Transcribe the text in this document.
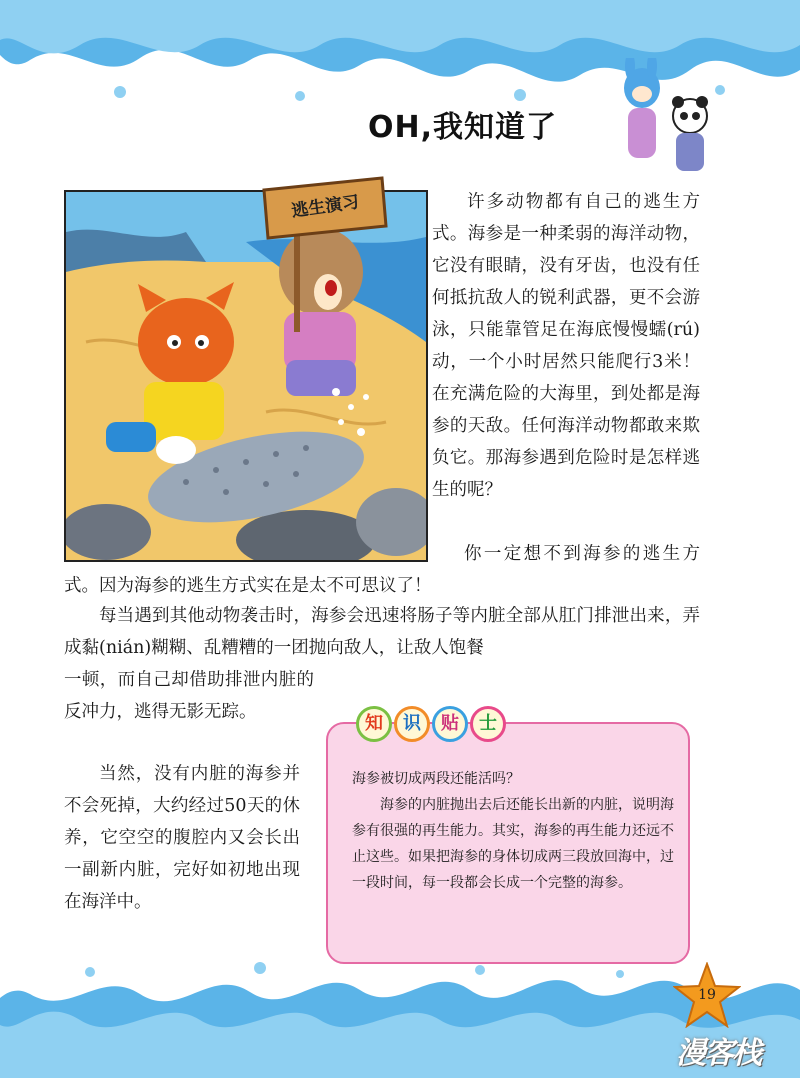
OH,我知道了
逃生演习	许多动物都有自己的逃生方式。海参是一种柔弱的海洋动物，它没有眼睛，没有牙齿，也没有任何抵抗敌人的锐利武器，更不会游泳，只能靠管足在海底慢慢蠕(rú)动，一个小时居然只能爬行3米！在充满危险的大海里，到处都是海参的天敌。任何海洋动物都敢来欺负它。那海参遇到危险时是怎样逃生的呢？

你一定想不到海参的逃生方式。因为海参的逃生方式实在是太不可思议了！

每当遇到其他动物袭击时，海参会迅速将肠子等内脏全部从肛门排泄出来，弄成黏(nián)糊糊、乱糟糟的一团抛向敌人，让敌人饱餐

一顿，而自己却借助排泄内脏的反冲力，逃得无影无踪。

当然，没有内脏的海参并不会死掉，大约经过50天的休养，它空空的腹腔内又会长出一副新内脏，完好如初地出现在海洋中。

知	识	贴	士

海参被切成两段还能活吗？
海参的内脏抛出去后还能长出新的内脏，说明海参有很强的再生能力。其实，海参的再生能力还远不止这些。如果把海参的身体切成两三段放回海中，过一段时间，每一段都会长成一个完整的海参。

19
漫客栈
